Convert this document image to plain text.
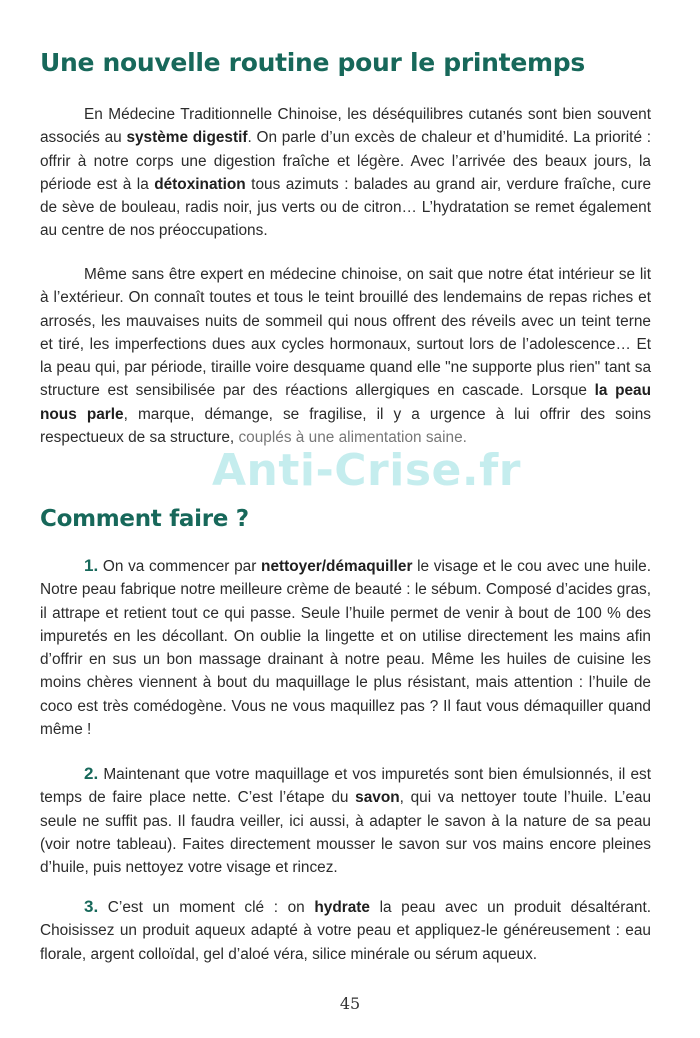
Une nouvelle routine pour le printemps

En Médecine Traditionnelle Chinoise, les déséquilibres cutanés sont bien souvent associés au système digestif. On parle d’un excès de chaleur et d’humidité. La priorité : offrir à notre corps une digestion fraîche et légère. Avec l’arrivée des beaux jours, la période est à la détoxination tous azimuts : balades au grand air, verdure fraîche, cure de sève de bouleau, radis noir, jus verts ou de citron… L’hydratation se remet également au centre de nos préoccupations.

Même sans être expert en médecine chinoise, on sait que notre état intérieur se lit à l’extérieur. On connaît toutes et tous le teint brouillé des lendemains de repas riches et arrosés, les mauvaises nuits de sommeil qui nous offrent des réveils avec un teint terne et tiré, les imperfections dues aux cycles hormonaux, surtout lors de l’adolescence… Et la peau qui, par période, tiraille voire desquame quand elle "ne supporte plus rien" tant sa structure est sensibilisée par des réactions allergiques en cascade. Lorsque la peau nous parle, marque, démange, se fragilise, il y a urgence à lui offrir des soins respectueux de sa structure, couplés à une alimentation saine.

Anti-Crise.fr
Comment faire ?

1. On va commencer par nettoyer/démaquiller le visage et le cou avec une huile. Notre peau fabrique notre meilleure crème de beauté : le sébum. Composé d’acides gras, il attrape et retient tout ce qui passe. Seule l’huile permet de venir à bout de 100 % des impuretés en les décollant. On oublie la lingette et on utilise directement les mains afin d’offrir en sus un bon massage drainant à notre peau. Même les huiles de cuisine les moins chères viennent à bout du maquillage le plus résistant, mais attention : l’huile de coco est très comédogène. Vous ne vous maquillez pas ? Il faut vous démaquiller quand même !

2. Maintenant que votre maquillage et vos impuretés sont bien émulsionnés, il est temps de faire place nette. C’est l’étape du savon, qui va nettoyer toute l’huile. L’eau seule ne suffit pas. Il faudra veiller, ici aussi, à adapter le savon à la nature de sa peau (voir notre tableau). Faites directement mousser le savon sur vos mains encore pleines d’huile, puis nettoyez votre visage et rincez.

3. C’est un moment clé : on hydrate la peau avec un produit désaltérant. Choisissez un produit aqueux adapté à votre peau et appliquez-le généreusement : eau florale, argent colloïdal, gel d’aloé véra, silice minérale ou sérum aqueux.

45
